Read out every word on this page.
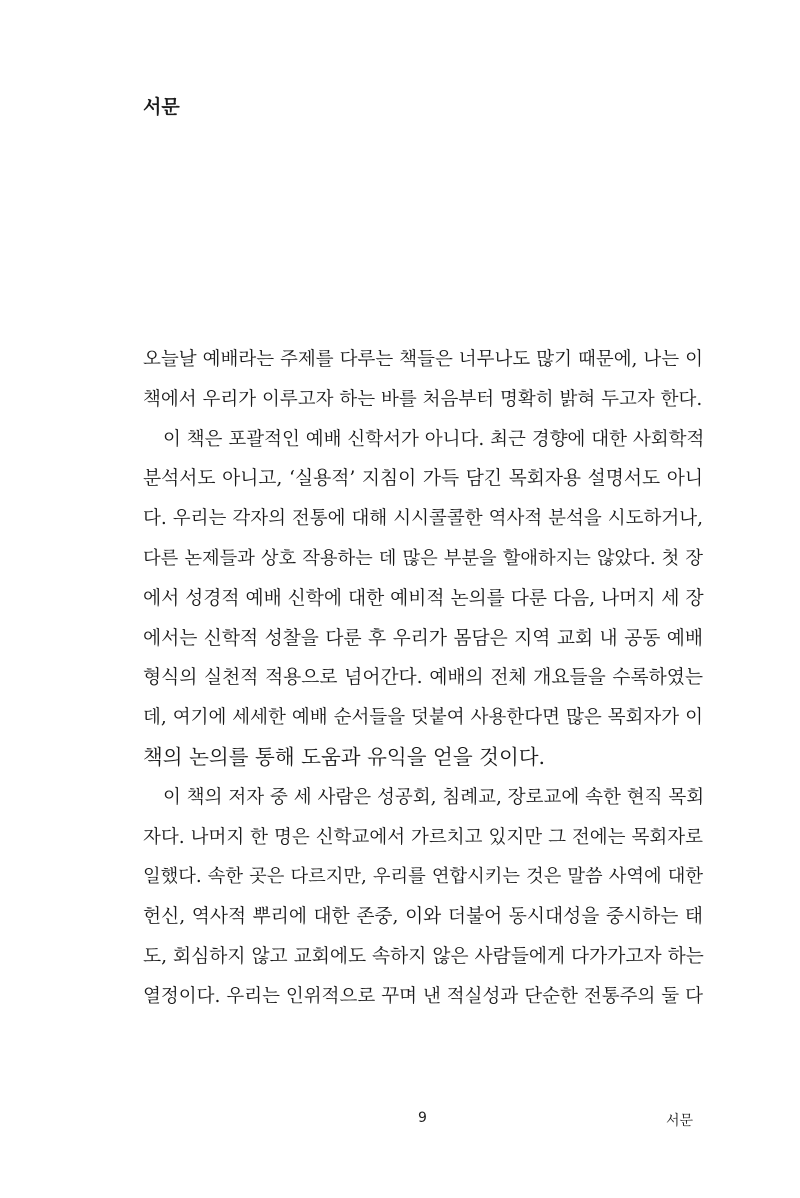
서문

오늘날 예배라는 주제를 다루는 책들은 너무나도 많기 때문에, 나는 이
책에서 우리가 이루고자 하는 바를 처음부터 명확히 밝혀 두고자 한다.

이 책은 포괄적인 예배 신학서가 아니다. 최근 경향에 대한 사회학적
분석서도 아니고, ‘실용적’ 지침이 가득 담긴 목회자용 설명서도 아니
다. 우리는 각자의 전통에 대해 시시콜콜한 역사적 분석을 시도하거나,
다른 논제들과 상호 작용하는 데 많은 부분을 할애하지는 않았다. 첫 장
에서 성경적 예배 신학에 대한 예비적 논의를 다룬 다음, 나머지 세 장
에서는 신학적 성찰을 다룬 후 우리가 몸담은 지역 교회 내 공동 예배
형식의 실천적 적용으로 넘어간다. 예배의 전체 개요들을 수록하였는
데, 여기에 세세한 예배 순서들을 덧붙여 사용한다면 많은 목회자가 이
책의 논의를 통해 도움과 유익을 얻을 것이다.

이 책의 저자 중 세 사람은 성공회, 침례교, 장로교에 속한 현직 목회
자다. 나머지 한 명은 신학교에서 가르치고 있지만 그 전에는 목회자로
일했다. 속한 곳은 다르지만, 우리를 연합시키는 것은 말씀 사역에 대한
헌신, 역사적 뿌리에 대한 존중, 이와 더불어 동시대성을 중시하는 태
도, 회심하지 않고 교회에도 속하지 않은 사람들에게 다가가고자 하는
열정이다. 우리는 인위적으로 꾸며 낸 적실성과 단순한 전통주의 둘 다

9	서문
